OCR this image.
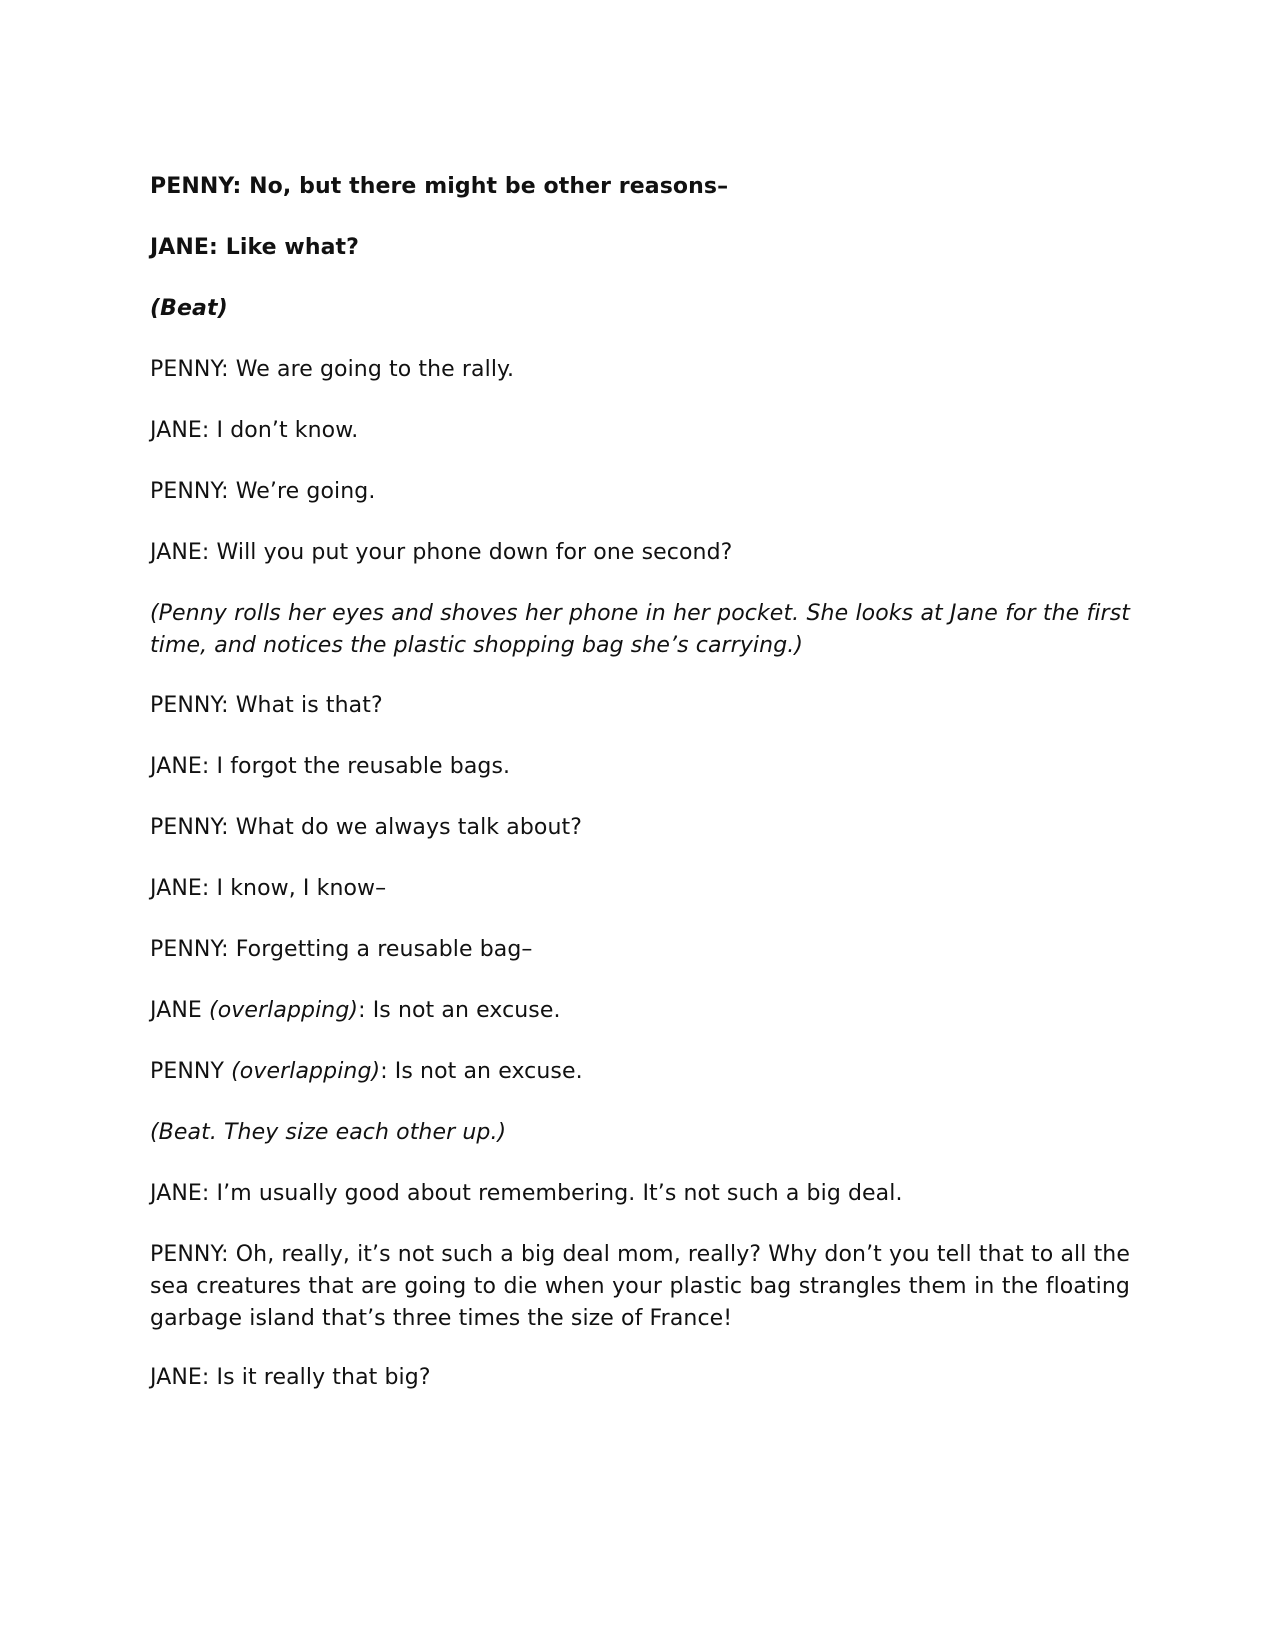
PENNY: No, but there might be other reasons–
JANE: Like what?
(Beat)
PENNY: We are going to the rally.
JANE: I don’t know.
PENNY: We’re going.
JANE: Will you put your phone down for one second?
(Penny rolls her eyes and shoves her phone in her pocket. She looks at Jane for the first time, and notices the plastic shopping bag she’s carrying.)
PENNY: What is that?
JANE: I forgot the reusable bags.
PENNY: What do we always talk about?
JANE: I know, I know–
PENNY: Forgetting a reusable bag–
JANE (overlapping): Is not an excuse.
PENNY (overlapping): Is not an excuse.
(Beat. They size each other up.)
JANE: I’m usually good about remembering. It’s not such a big deal.
PENNY: Oh, really, it’s not such a big deal mom, really? Why don’t you tell that to all the sea creatures that are going to die when your plastic bag strangles them in the floating garbage island that’s three times the size of France!
JANE: Is it really that big?
